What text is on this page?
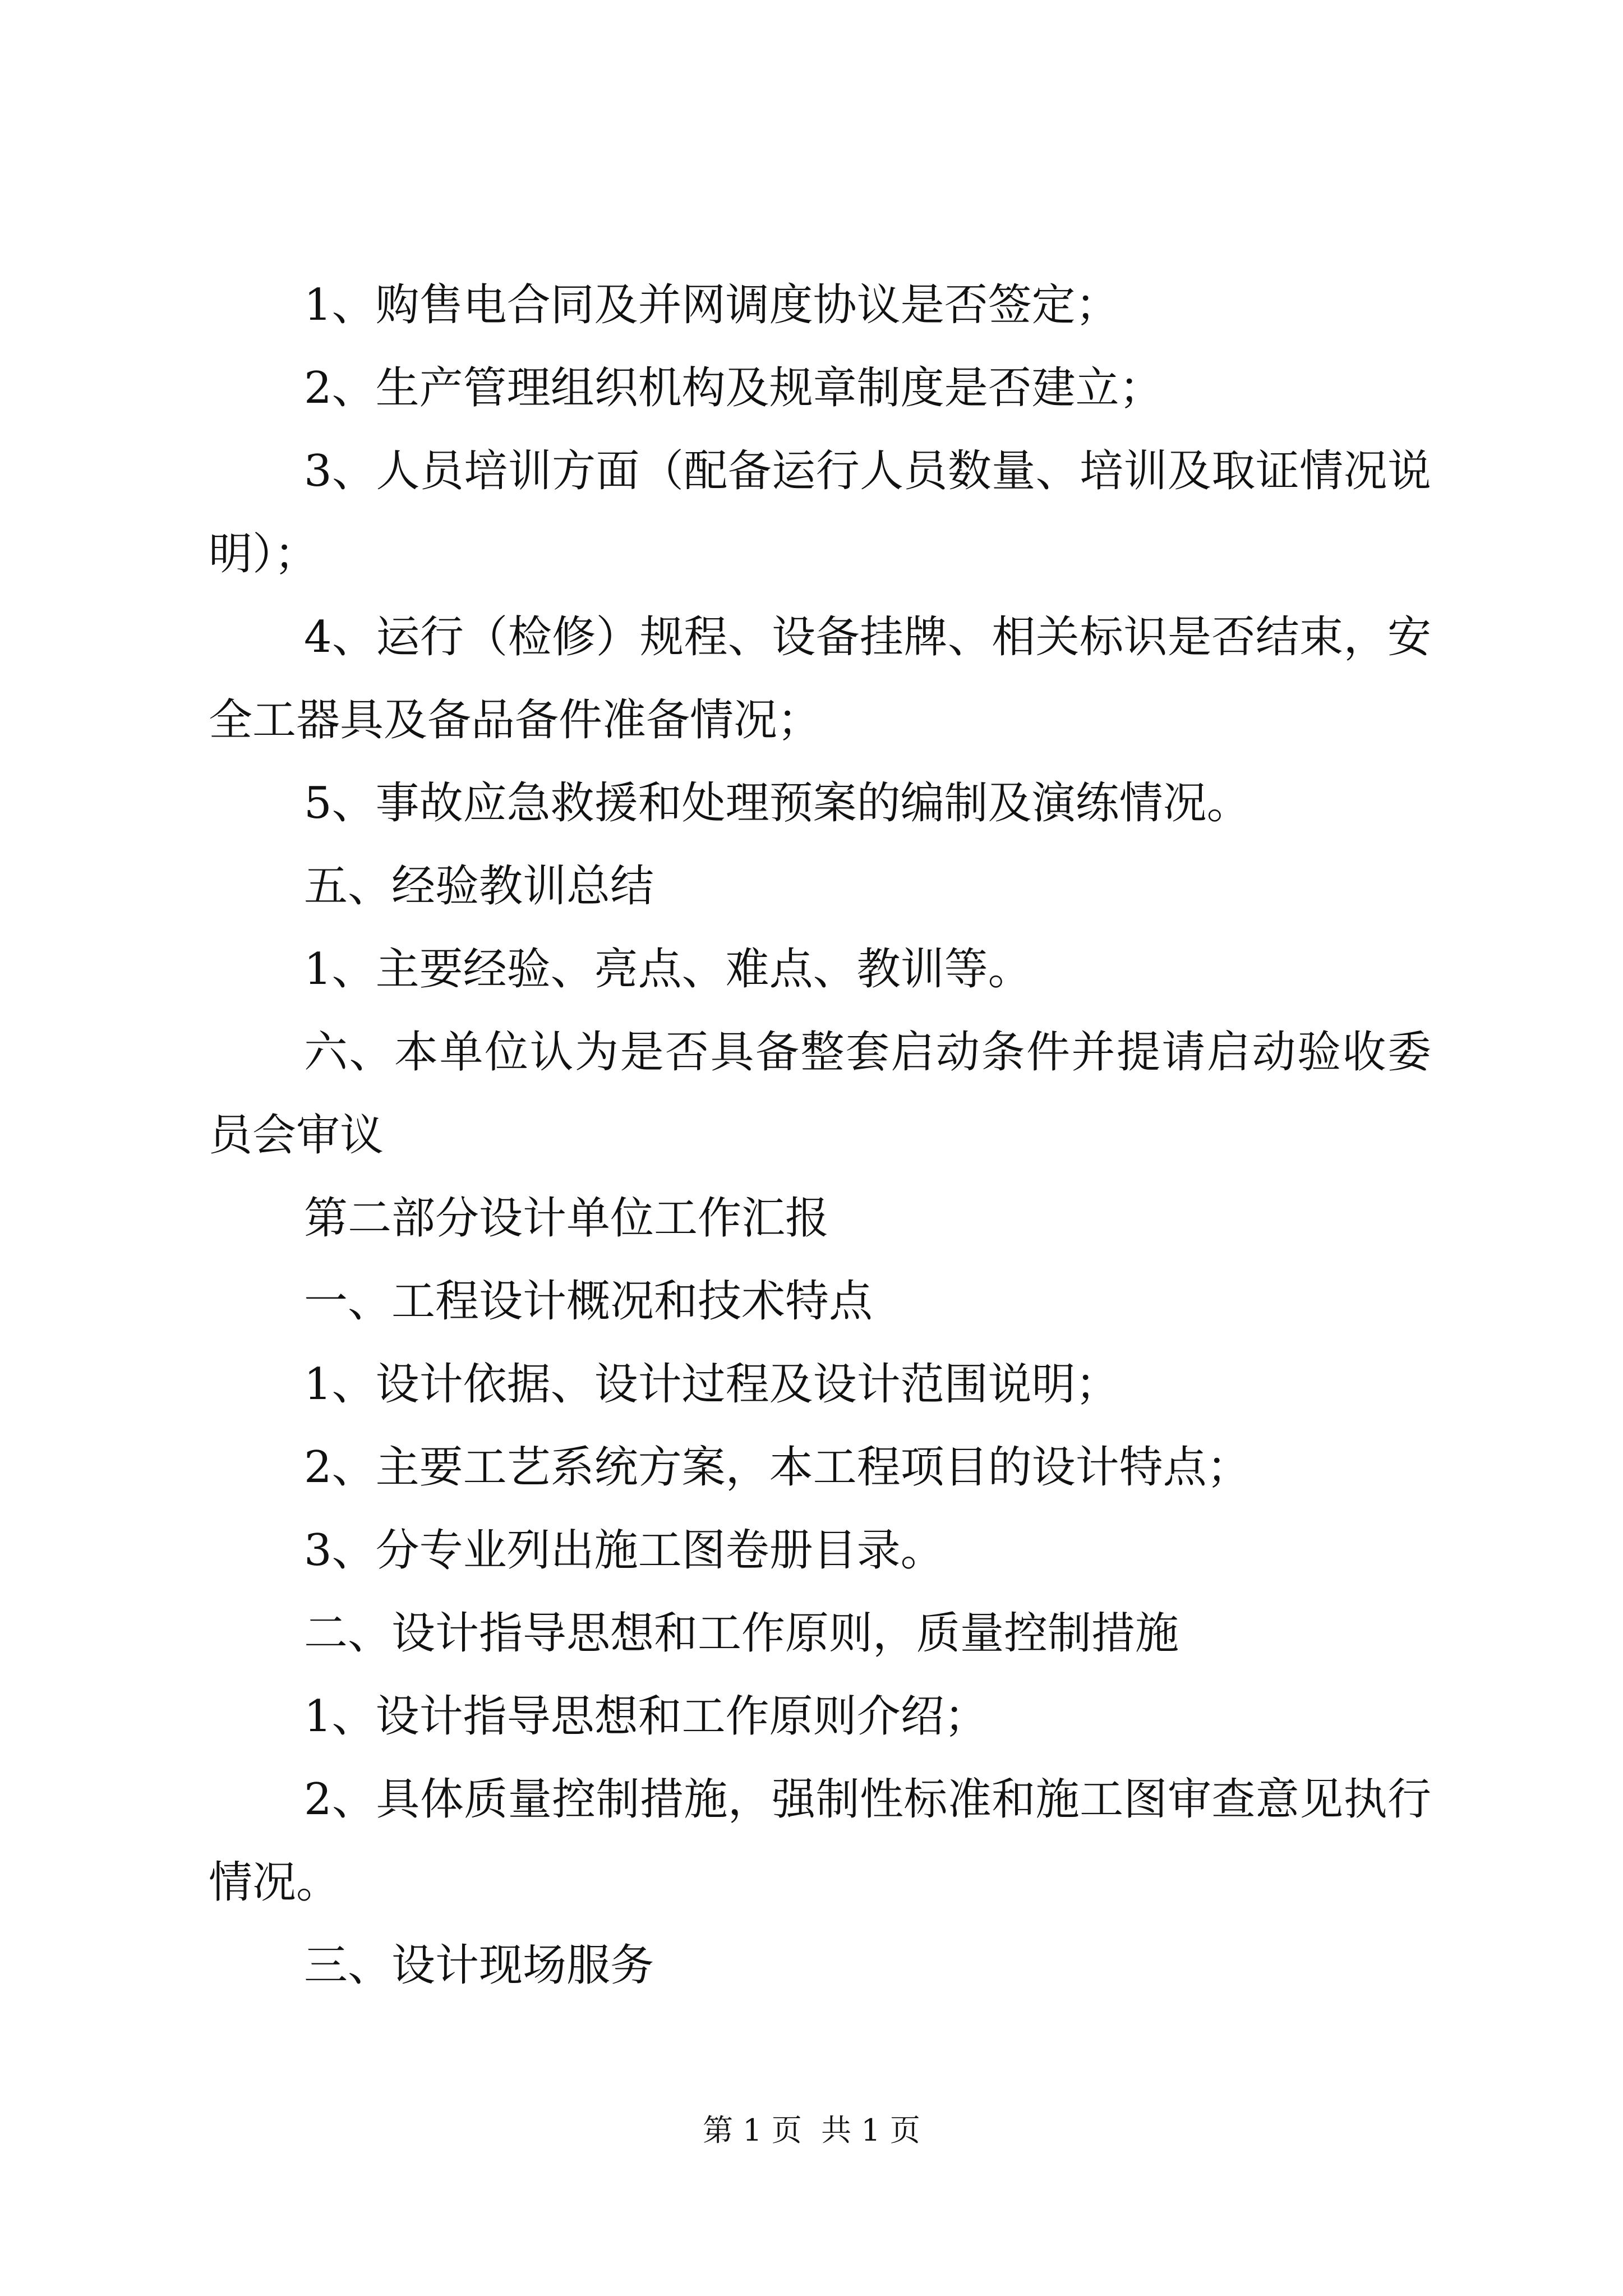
1、购售电合同及并网调度协议是否签定；

2、生产管理组织机构及规章制度是否建立；

3、人员培训方面（配备运行人员数量、培训及取证情况说明）；

4、运行（检修）规程、设备挂牌、相关标识是否结束，安全工器具及备品备件准备情况；

5、事故应急救援和处理预案的编制及演练情况。

五、经验教训总结

1、主要经验、亮点、难点、教训等。

六、本单位认为是否具备整套启动条件并提请启动验收委员会审议

第二部分设计单位工作汇报

一、工程设计概况和技术特点

1、设计依据、设计过程及设计范围说明；

2、主要工艺系统方案，本工程项目的设计特点；

3、分专业列出施工图卷册目录。

二、设计指导思想和工作原则，质量控制措施

1、设计指导思想和工作原则介绍；

2、具体质量控制措施，强制性标准和施工图审查意见执行情况。

三、设计现场服务

第 1 页  共 1 页
